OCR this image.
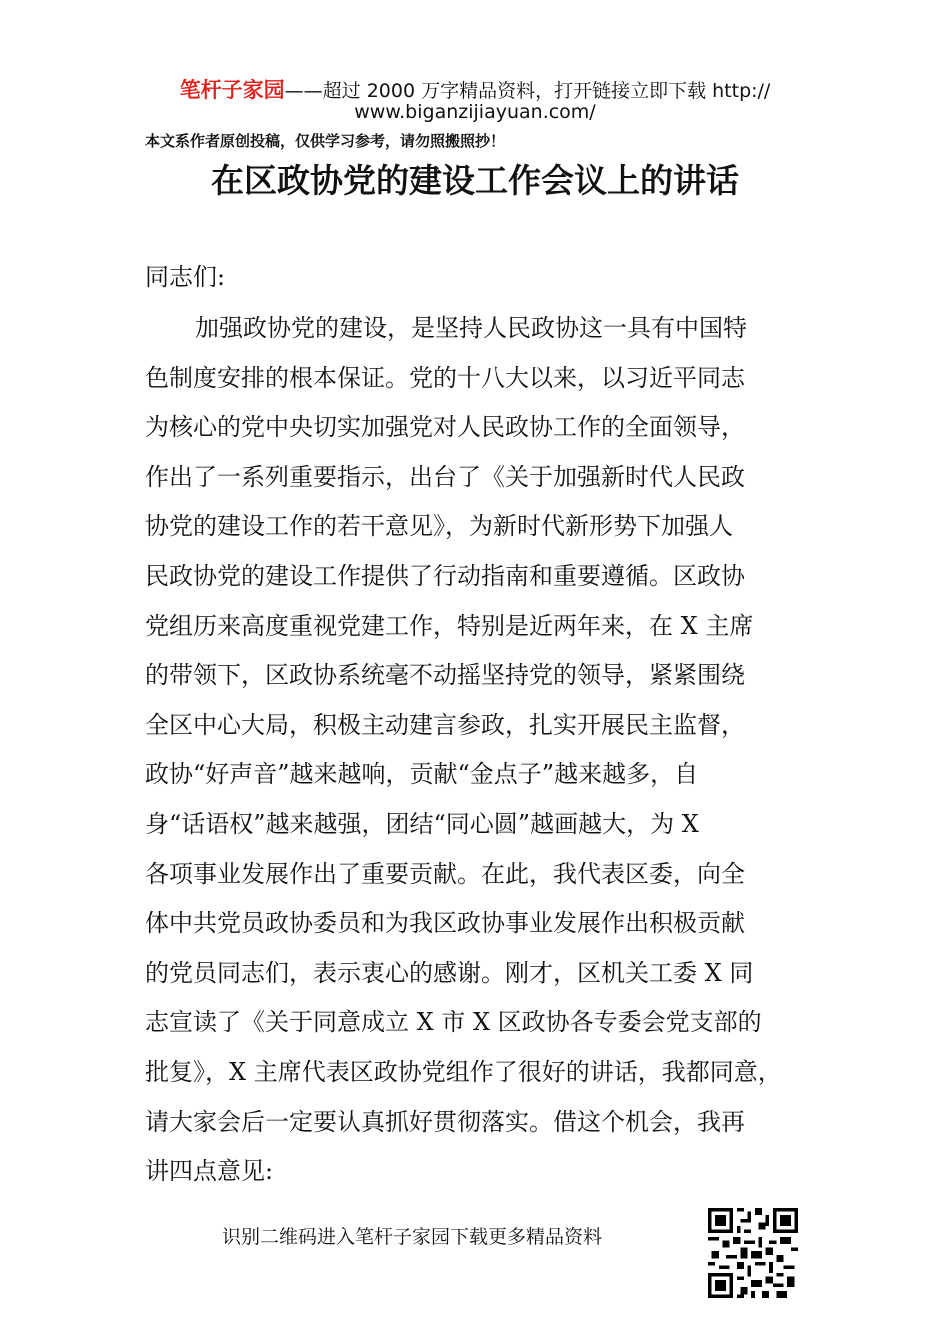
笔杆子家园——超过 2000 万字精品资料，打开链接立即下载 http://
www.biganzijiayuan.com/
本文系作者原创投稿，仅供学习参考，请勿照搬照抄！
在区政协党的建设工作会议上的讲话
同志们:
加强政协党的建设，是坚持人民政协这一具有中国特
色制度安排的根本保证。党的十八大以来，以习近平同志
为核心的党中央切实加强党对人民政协工作的全面领导，
作出了一系列重要指示，出台了《关于加强新时代人民政
协党的建设工作的若干意见》，为新时代新形势下加强人
民政协党的建设工作提供了行动指南和重要遵循。区政协
党组历来高度重视党建工作，特别是近两年来，在 X 主席
的带领下，区政协系统毫不动摇坚持党的领导，紧紧围绕
全区中心大局，积极主动建言参政，扎实开展民主监督，
政协“好声音”越来越响，贡献“金点子”越来越多，自
身“话语权”越来越强，团结“同心圆”越画越大，为 X
各项事业发展作出了重要贡献。在此，我代表区委，向全
体中共党员政协委员和为我区政协事业发展作出积极贡献
的党员同志们，表示衷心的感谢。刚才，区机关工委 X 同
志宣读了《关于同意成立 X 市 X 区政协各专委会党支部的
批复》，X 主席代表区政协党组作了很好的讲话，我都同意，
请大家会后一定要认真抓好贯彻落实。借这个机会，我再
讲四点意见:
识别二维码进入笔杆子家园下载更多精品资料
